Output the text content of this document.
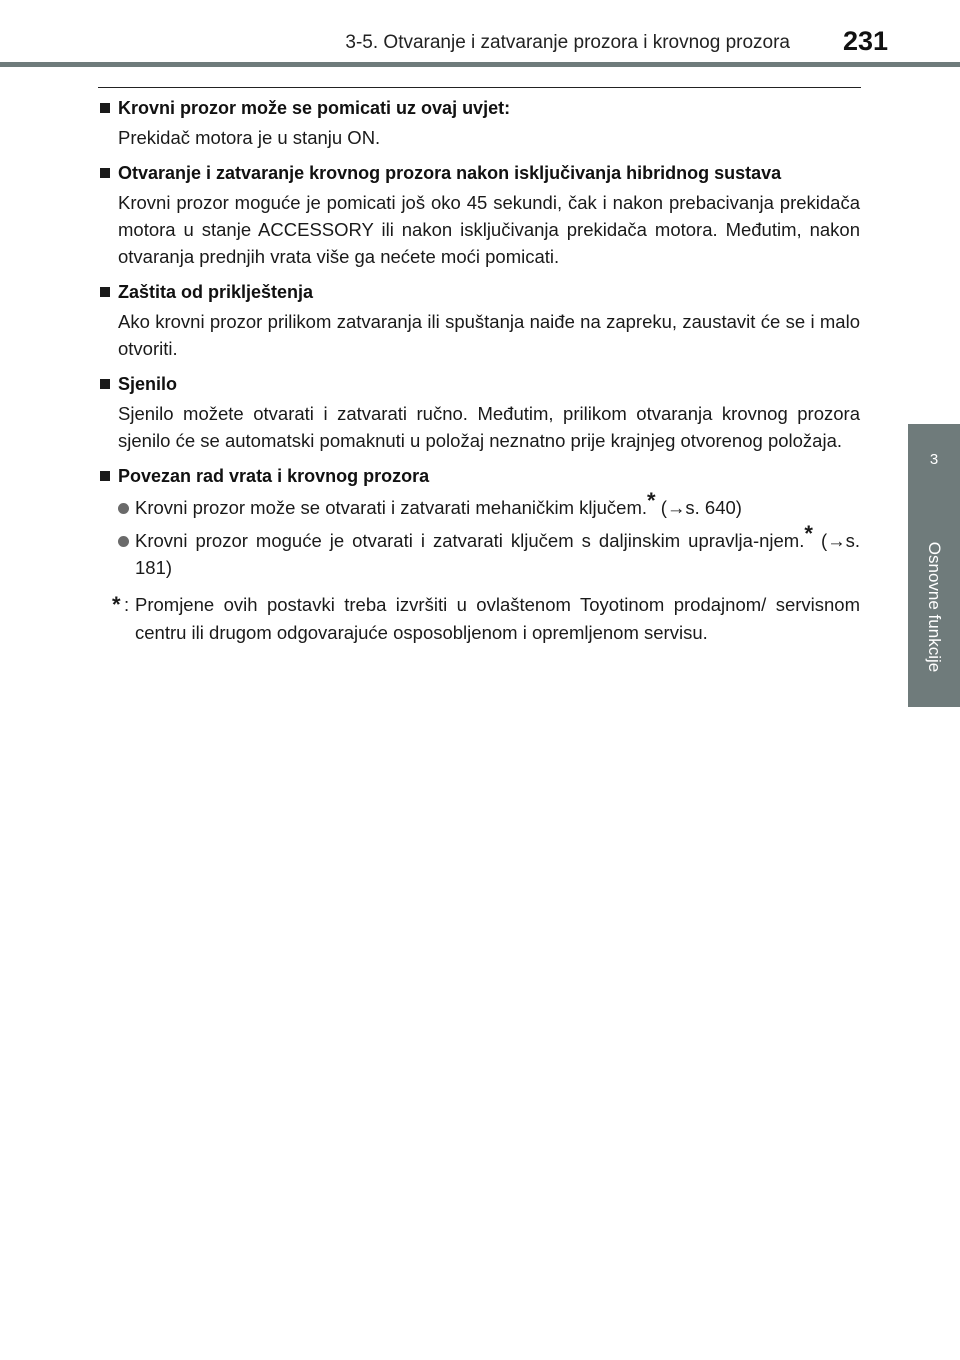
3-5. Otvaranje i zatvaranje prozora i krovnog prozora 231
3
Osnovne funkcije
Krovni prozor može se pomicati uz ovaj uvjet:
Prekidač motora je u stanju ON.
Otvaranje i zatvaranje krovnog prozora nakon isključivanja hibridnog sustava
Krovni prozor moguće je pomicati još oko 45 sekundi, čak i nakon prebacivanja prekidača motora u stanje ACCESSORY ili nakon isključivanja prekidača motora. Međutim, nakon otvaranja prednjih vrata više ga nećete moći pomicati.
Zaštita od priklještenja
Ako krovni prozor prilikom zatvaranja ili spuštanja naiđe na zapreku, zaustavit će se i malo otvoriti.
Sjenilo
Sjenilo možete otvarati i zatvarati ručno. Međutim, prilikom otvaranja krovnog prozora sjenilo će se automatski pomaknuti u položaj neznatno prije krajnjeg otvorenog položaja.
Povezan rad vrata i krovnog prozora
Krovni prozor može se otvarati i zatvarati mehaničkim ključem.* (→s. 640)
Krovni prozor moguće je otvarati i zatvarati ključem s daljinskim upravlja-njem.* (→s. 181)
* : Promjene ovih postavki treba izvršiti u ovlaštenom Toyotinom prodajnom/ servisnom centru ili drugom odgovarajuće osposobljenom i opremljenom servisu.
